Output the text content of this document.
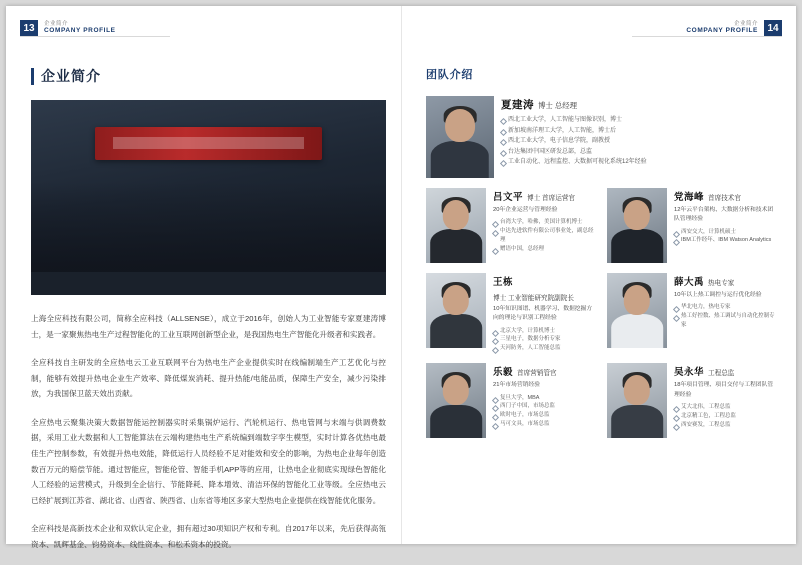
13	企业简介
COMPANY PROFILE	14
企业简介
COMPANY PROFILE
企业简介

上海全应科技有限公司，简称全应科技（ALLSENSE），成立于2016年，创始人为工业智能专家夏建涛博士，是一家聚焦热电生产过程智能化的工业互联网创新型企业，是我国热电生产智能化升级者和实践者。

全应科技自主研发的全应热电云工业互联网平台为热电生产企业提供实时在线编制端生产工艺优化与控制，能够有效提升热电企业生产效率、降低煤炭消耗、提升热能/电能品质，保障生产安全，减少污染排放，为我国保卫蓝天效出贡献。

全应热电云聚集决策大数据智能运控制器实时采集锅炉运行、汽轮机运行、热电管网与末端与供调费数据，采用工业大数据和人工智能算法在云端构建热电生产系统编到端数字孪生模型，实时计算各优热电最佳生产控制参数，有效提升热电效能，降低运行人员经验不足对能效和安全的影响，为热电企业每年创造数百万元的赔偿节能。通过智能应，智能伦管、智能手机APP等的应用，让热电企业彻底实现绿色智能化人工经验的运营模式，升级到全企信行、节能降耗、降本增效、清洁环保的智能化工业等级。全应热电云已经扩展到江苏省、湖北省、山西省、陕西省、山东省等地区多家大型热电企业提供在线智能优化服务。

全应科技是高新技术企业和双软认定企业，拥有超过30项知识产权和专利。自2017年以来，先后获得高瓴资本、凯辉基金、钧势资本、线性资本、和松禾资本的投资。

团队介绍
夏建涛 博士 总经理
西北工业大学，人工智能与图像识别，博士
新加坡南洋理工大学，人工智能，博士后
西北工业大学，电子信息学院，副教授
台达集团中国区研发总部，总监
工业自动化、远程监控、大数据可视化系统12年经验
吕文平 博士 首席运营官
20年企业运营与管理经验
台湾大学，哈佛，美国计算机博士
中达先进软件有限公司事业处，副总经理
赠语中国，总经理
党海峰 首席技术官
12年云平台架构、大数据分析和技术团队管理经验
西安交大，计算机硕士
IBM工作经年、IBM Watson Analytics
王栋
博士 工业智能研究院副院长
10年知识图谱、机器学习、数据挖掘方向的理论与识别工程经验
北京大学，计算机博士
三星电子，数据分析专家
天河防务，人工智能总监
薛大禹 热电专家
10年以上热工调控与运行优化经验
华北电力，热电专家
热工好控数、热工调试与自动化控制专家
乐毅 首席营销管官
21年市场营销经验
复旦大学，MBA
西门子中国，市场总监
欧时电子，市场总监
马可文具，市场总监
吴永华 工程总监
18年项目管理、项目交付与工程团队管理经验
艾大北伟，工程总监
北京精工色，工程总监
西安赛发，工程总监
